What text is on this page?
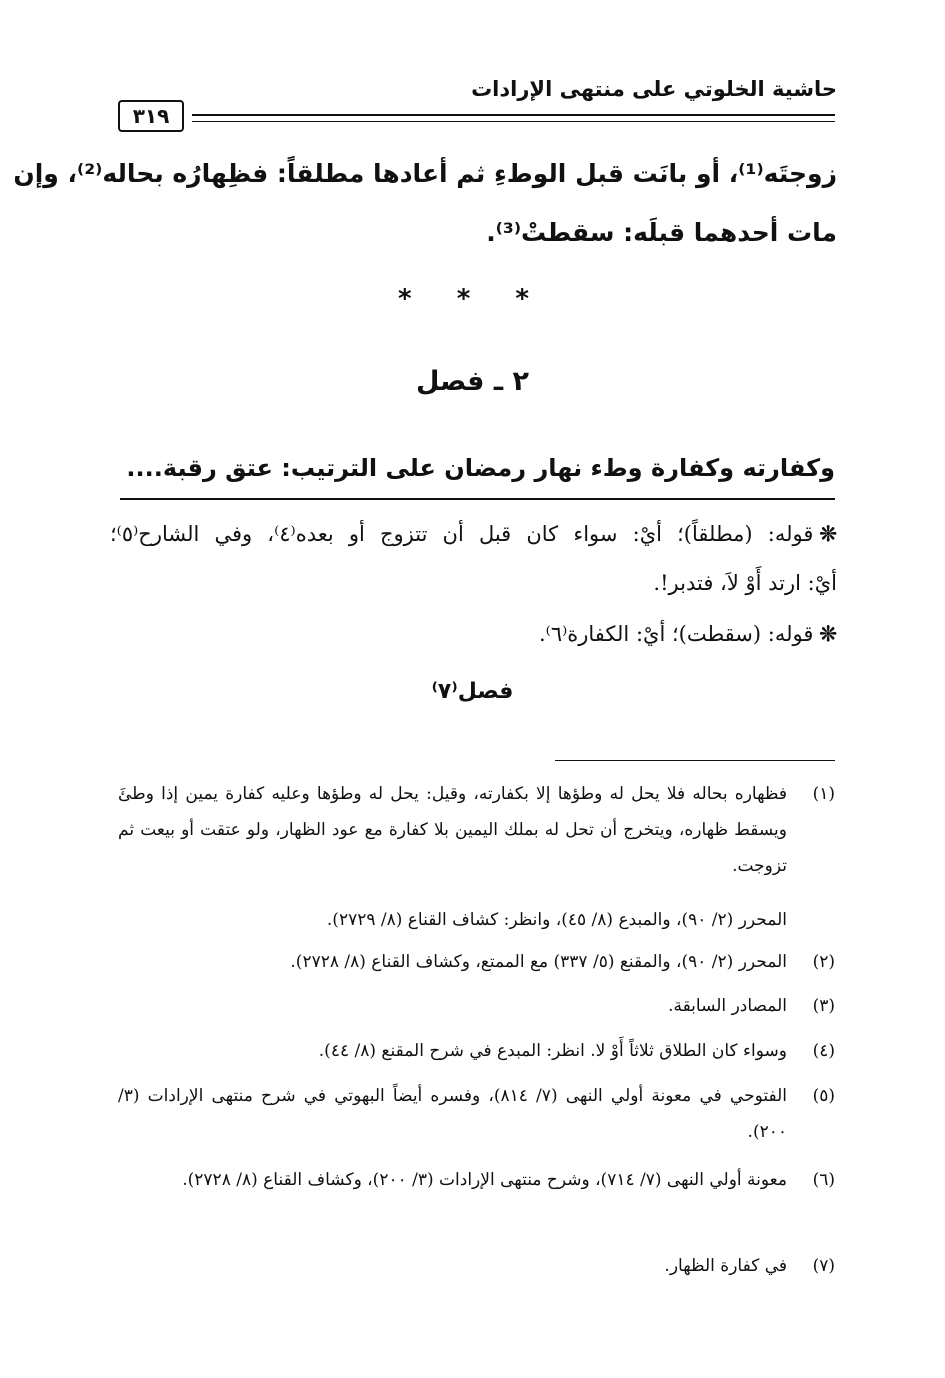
حاشية الخلوتي على منتهى الإرادات
٣١٩
زوجتَه⁽¹⁾، أو بانَت قبل الوطءِ ثم أعادها مطلقاً: فظِهارُه بحاله⁽²⁾، وإن
مات أحدهما قبلَه: سقطتْ⁽³⁾.
* * *
٢ ـ فصل
وكفارته وكفارة وطء نهار رمضان على الترتيب: عتق رقبة....
❊قوله: (مطلقاً)؛ أيْ: سواء كان قبل أن تتزوج أو بعده⁽٤⁾، وفي الشارح⁽٥⁾؛
أيْ: ارتد أَوْ لاَ، فتدبر!.
❊قوله: (سقطت)؛ أيْ: الكفارة⁽٦⁾.
فصل⁽٧⁾
(١)
فظهاره بحاله فلا يحل له وطؤها إلا بكفارته، وقيل: يحل له وطؤها وعليه كفارة يمين إذا وطئَ ويسقط ظهاره، ويتخرج أن تحل له بملك اليمين بلا كفارة مع عود الظهار، ولو عتقت أو بيعت ثم تزوجت.
المحرر (٢/ ٩٠)، والمبدع (٨/ ٤٥)، وانظر: كشاف القناع (٨/ ٢٧٢٩).
(٢)
المحرر (٢/ ٩٠)، والمقنع (٥/ ٣٣٧) مع الممتع، وكشاف القناع (٨/ ٢٧٢٨).
(٣)
المصادر السابقة.
(٤)
وسواء كان الطلاق ثلاثاً أَوْ لا. انظر: المبدع في شرح المقنع (٨/ ٤٤).
(٥)
الفتوحي في معونة أولي النهى (٧/ ٨١٤)، وفسره أيضاً البهوتي في شرح منتهى الإرادات (٣/ ٢٠٠).
(٦)
معونة أولي النهى (٧/ ٧١٤)، وشرح منتهى الإرادات (٣/ ٢٠٠)، وكشاف القناع (٨/ ٢٧٢٨).
(٧)
في كفارة الظهار.
